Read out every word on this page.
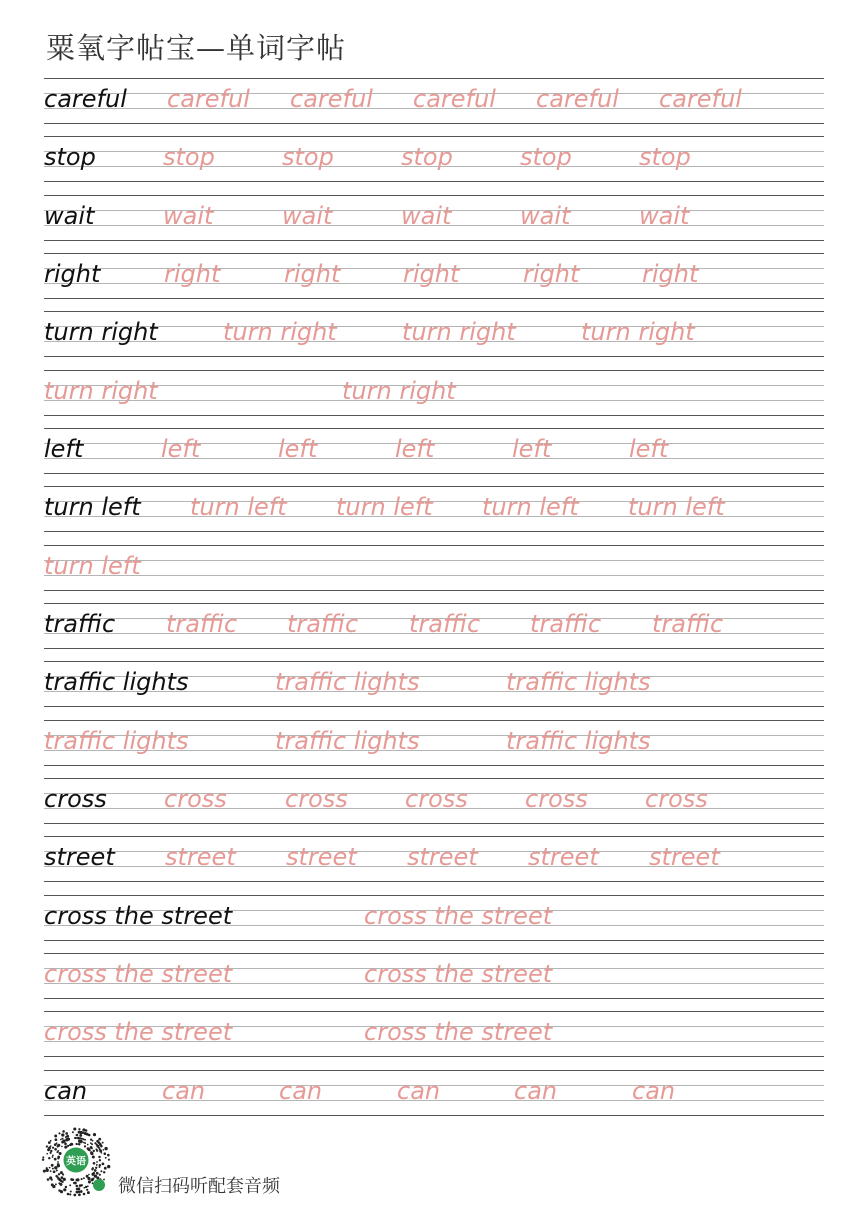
粟氧字帖宝—单词字帖
careful careful careful careful careful careful
stop	stop	stop	stop	stop	stop
wait	wait	wait	wait	wait	wait
right	right	right	right	right	right
turn right	turn right	turn right	turn right
turn right	turn right
left	left	left	left	left	left
turn left turn left turn left turn left turn left
turn left
traffic traffic traffic traffic traffic traffic
traffic lights	traffic lights	traffic lights
traffic lights	traffic lights	traffic lights
cross cross cross cross cross cross
street street street street street street
cross the street	cross the street
cross the street	cross the street
cross the street	cross the street
can	can	can	can	can	can
英语
微信扫码听配套音频
